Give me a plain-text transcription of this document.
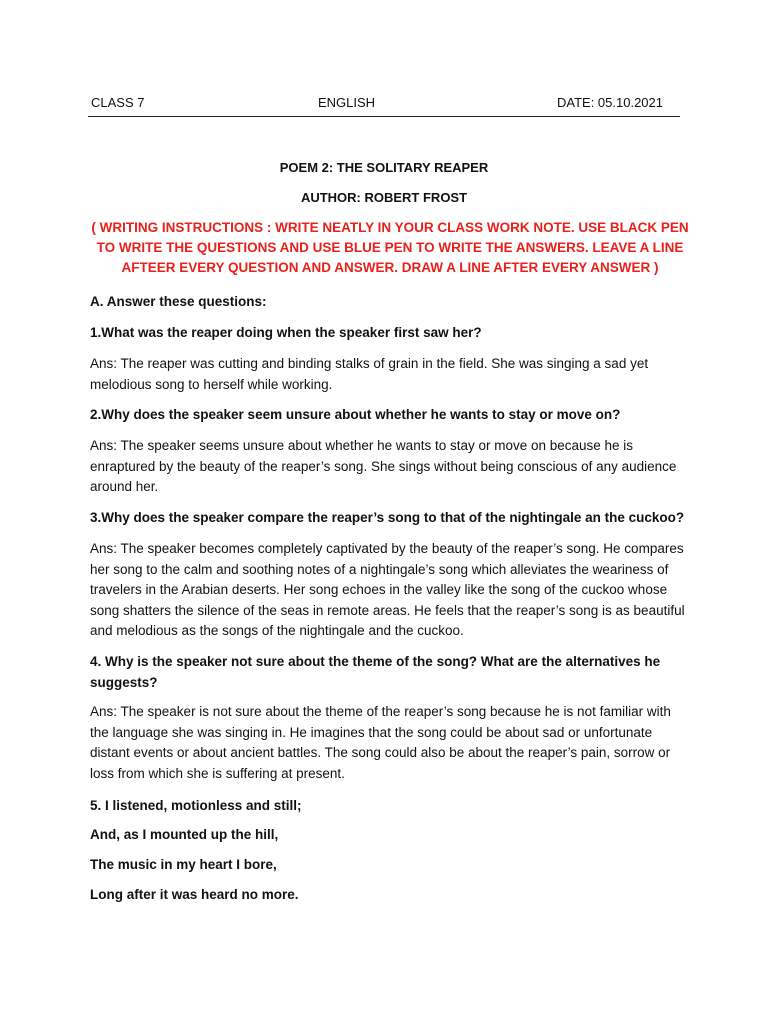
CLASS 7	ENGLISH	DATE: 05.10.2021
POEM 2: THE SOLITARY REAPER
AUTHOR: ROBERT FROST
( WRITING INSTRUCTIONS : WRITE NEATLY IN YOUR CLASS WORK NOTE. USE BLACK PEN TO WRITE THE QUESTIONS AND USE BLUE PEN TO WRITE THE ANSWERS. LEAVE A LINE AFTEER EVERY QUESTION AND ANSWER. DRAW A LINE AFTER EVERY ANSWER )
A. Answer these questions:
1.What was the reaper doing when the speaker first saw her?
Ans: The reaper was cutting and binding stalks of grain in the field. She was singing a sad yet melodious song to herself while working.
2.Why does the speaker seem unsure about whether he wants to stay or move on?
Ans: The speaker seems unsure about whether he wants to stay or move on because he is enraptured by the beauty of the reaper’s song. She sings without being conscious of any audience around her.
3.Why does the speaker compare the reaper’s song to that of the nightingale an the cuckoo?
Ans: The speaker becomes completely captivated by the beauty of the reaper’s song. He compares her song to the calm and soothing notes of a nightingale’s song which alleviates the weariness of travelers in the Arabian deserts. Her song echoes in the valley like the song of the cuckoo whose song shatters the silence of the seas in remote areas. He feels that the reaper’s song is as beautiful and melodious as the songs of the nightingale and the cuckoo.
4. Why is the speaker not sure about the theme of the song? What are the alternatives he suggests?
Ans: The speaker is not sure about the theme of the reaper’s song because he is not familiar with the language she was singing in. He imagines that the song could be about sad or unfortunate distant events or about ancient battles. The song could also be about the reaper’s pain, sorrow or loss from which she is suffering at present.
5. I listened, motionless and still;
And, as I mounted up the hill,
The music in my heart I bore,
Long after it was heard no more.
